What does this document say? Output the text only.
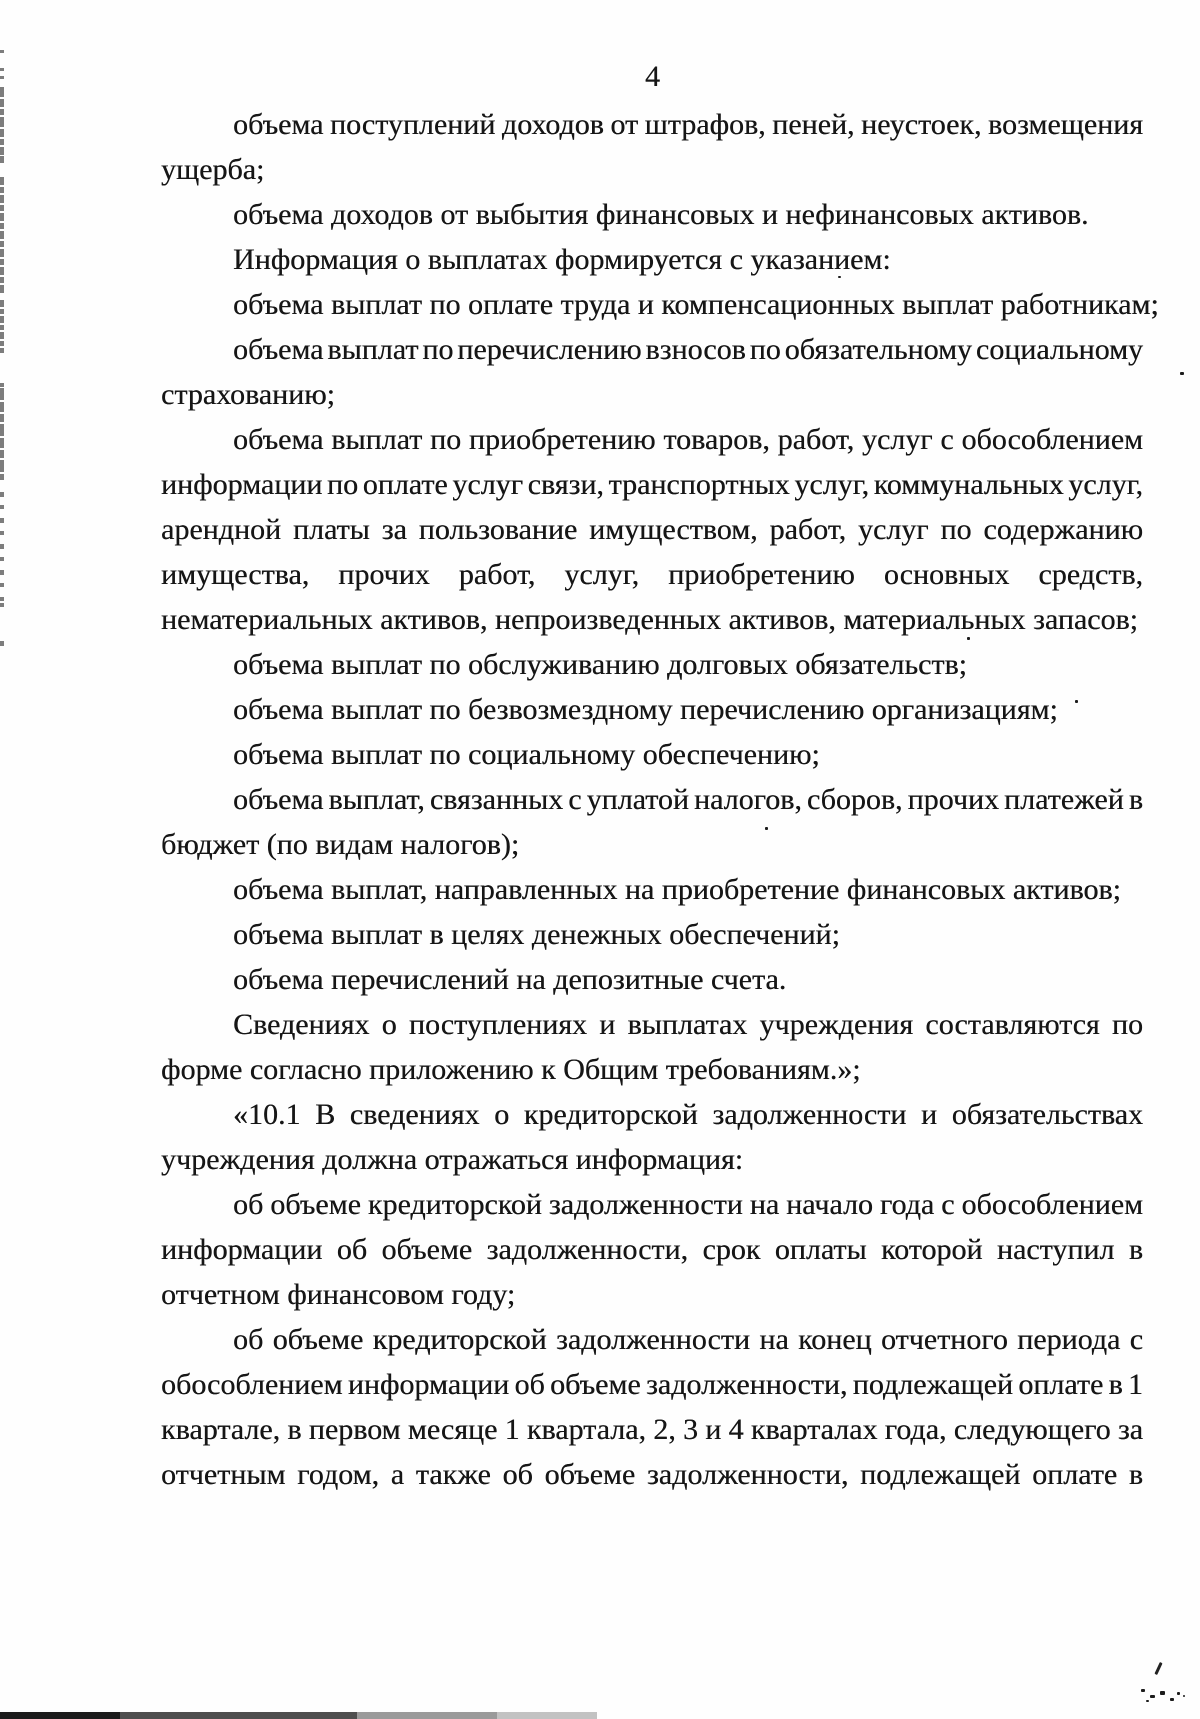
4
объема поступлений доходов от штрафов, пеней, неустоек, возмещения
ущерба;
объема доходов от выбытия финансовых и нефинансовых активов.
Информация о выплатах формируется с указанием:
объема выплат по оплате труда и компенсационных выплат работникам;
объема выплат по перечислению взносов по обязательному социальному
страхованию;
объема выплат по приобретению товаров, работ, услуг с обособлением
информации по оплате услуг связи, транспортных услуг, коммунальных услуг,
арендной платы за пользование имуществом, работ, услуг по содержанию
имущества, прочих работ, услуг, приобретению основных средств,
нематериальных активов, непроизведенных активов, материальных запасов;
объема выплат по обслуживанию долговых обязательств;
объема выплат по безвозмездному перечислению организациям;
объема выплат по социальному обеспечению;
объема выплат, связанных с уплатой налогов, сборов, прочих платежей в
бюджет (по видам налогов);
объема выплат, направленных на приобретение финансовых активов;
объема выплат в целях денежных обеспечений;
объема перечислений на депозитные счета.
Сведениях о поступлениях и выплатах учреждения составляются по
форме согласно приложению к Общим требованиям.»;
«10.1 В сведениях о кредиторской задолженности и обязательствах
учреждения должна отражаться информация:
об объеме кредиторской задолженности на начало года с обособлением
информации об объеме задолженности, срок оплаты которой наступил в
отчетном финансовом году;
об объеме кредиторской задолженности на конец отчетного периода с
обособлением информации об объеме задолженности, подлежащей оплате в 1
квартале, в первом месяце 1 квартала, 2, 3 и 4 кварталах года, следующего за
отчетным годом, а также об объеме задолженности, подлежащей оплате в
